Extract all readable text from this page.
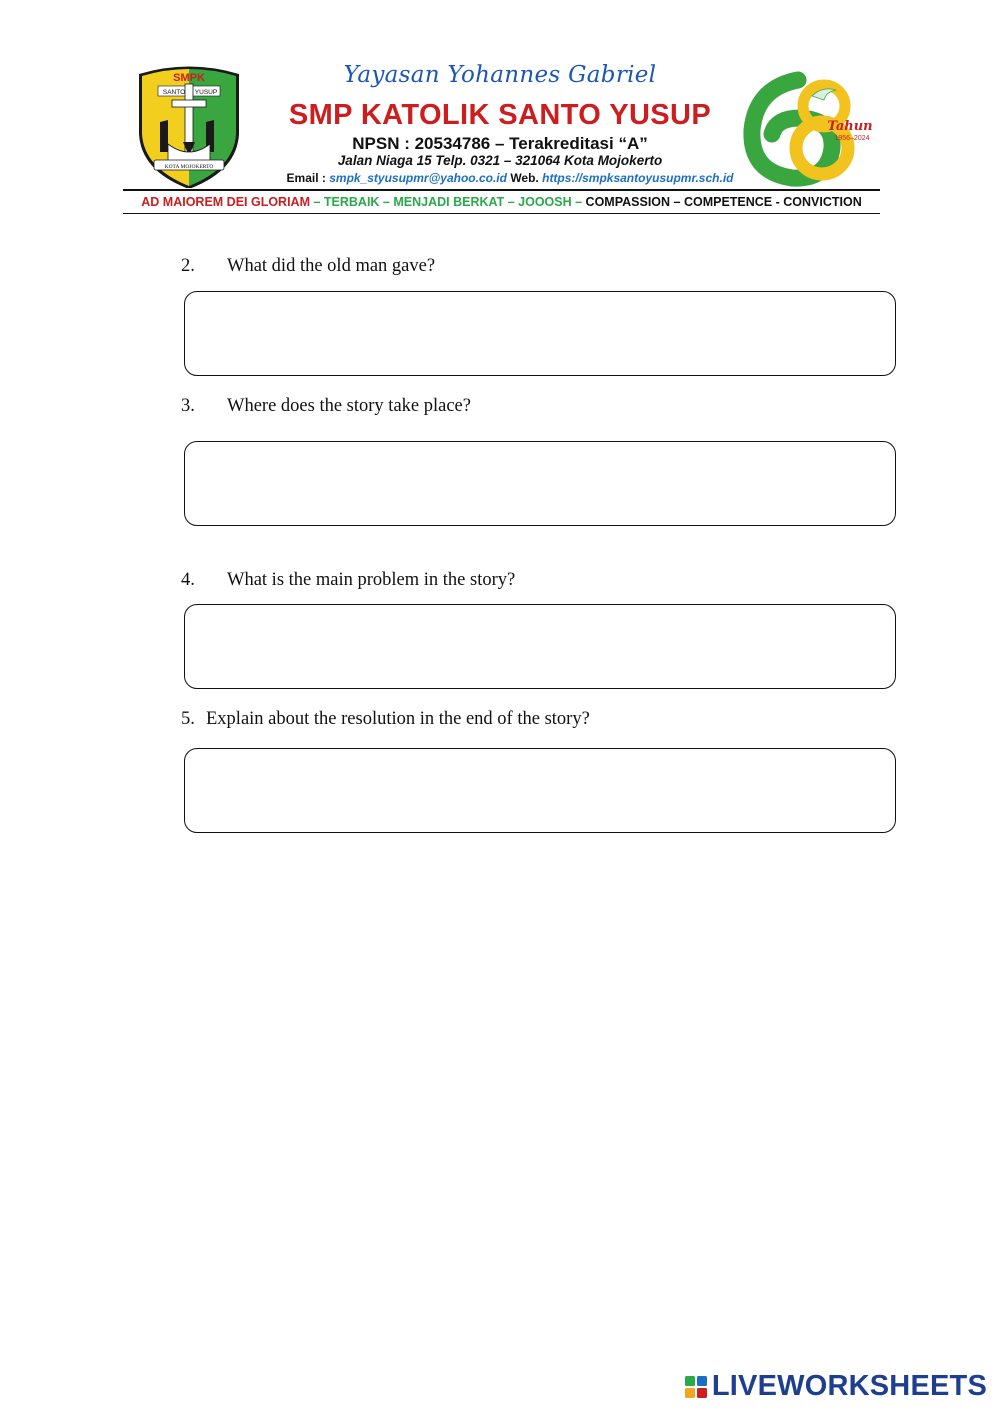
SMPK
SANTO YUSUP
KOTA MOJOKERTO
Yayasan Yohannes Gabriel
SMP KATOLIK SANTO YUSUP
NPSN : 20534786 – Terakreditasi “A”
Jalan Niaga 15 Telp. 0321 – 321064 Kota Mojokerto
Email : smpk_styusupmr@yahoo.co.id Web. https://smpksantoyusupmr.sch.id
Tahun
1956–2024
AD MAIOREM DEI GLORIAM – TERBAIK – MENJADI BERKAT – JOOOSH – COMPASSION – COMPETENCE - CONVICTION
2.	What did the old man gave?
3.	Where does the story take place?
4.	What is the main problem in the story?
5. Explain about the resolution in the end of the story?
LIVEWORKSHEETS
